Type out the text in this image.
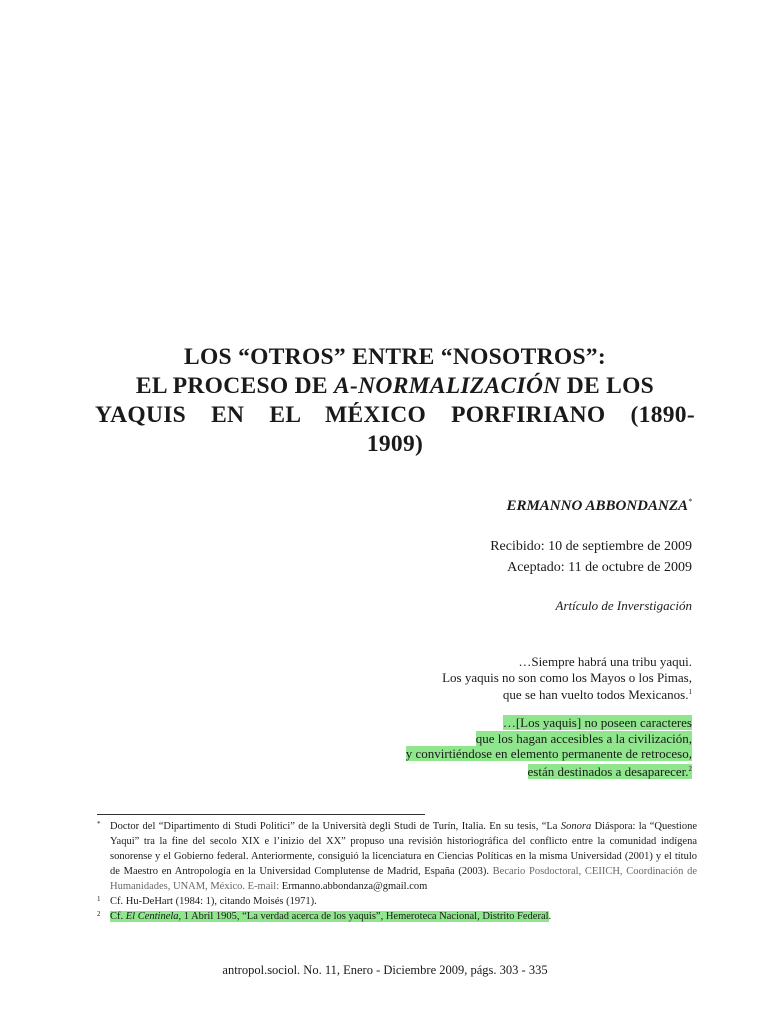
LOS “OTROS” ENTRE “NOSOTROS”:
EL PROCESO DE A-NORMALIZACIÓN DE LOS
YAQUIS EN EL MÉXICO PORFIRIANO (1890-
1909)
ERMANNO ABBONDANZA*
Recibido: 10 de septiembre de 2009
Aceptado: 11 de octubre de 2009
Artículo de Inverstigación
…Siempre habrá una tribu yaqui.
Los yaquis no son como los Mayos o los Pimas,
que se han vuelto todos Mexicanos.$^1$
…[Los yaquis] no poseen caracteres
que los hagan accesibles a la civilización,
y convirtiéndose en elemento permanente de retroceso,
están destinados a desaparecer.$^2$
* Doctor del “Dipartimento di Studi Politici” de la Università degli Studi de Turín, Italia. En su tesis, “La Sonora Diáspora: la “Questione Yaqui” tra la fine del secolo XIX e l’inizio del XX” propuso una revisión historiográfica del conflicto entre la comunidad indígena sonorense y el Gobierno federal. Anteriormente, consiguió la licenciatura en Ciencias Políticas en la misma Universidad (2001) y el título de Maestro en Antropología en la Universidad Complutense de Madrid, España (2003). Becario Posdoctoral, CEIICH, Coordinación de Humanidades, UNAM, México. E-mail: Ermanno.abbondanza@gmail.com
1 Cf. Hu-DeHart (1984: 1), citando Moisés (1971).
2 Cf. El Centinela, 1 Abril 1905, “La verdad acerca de los yaquis”, Hemeroteca Nacional, Distrito Federal.
antropol.sociol. No. 11, Enero - Diciembre 2009, págs. 303 - 335
